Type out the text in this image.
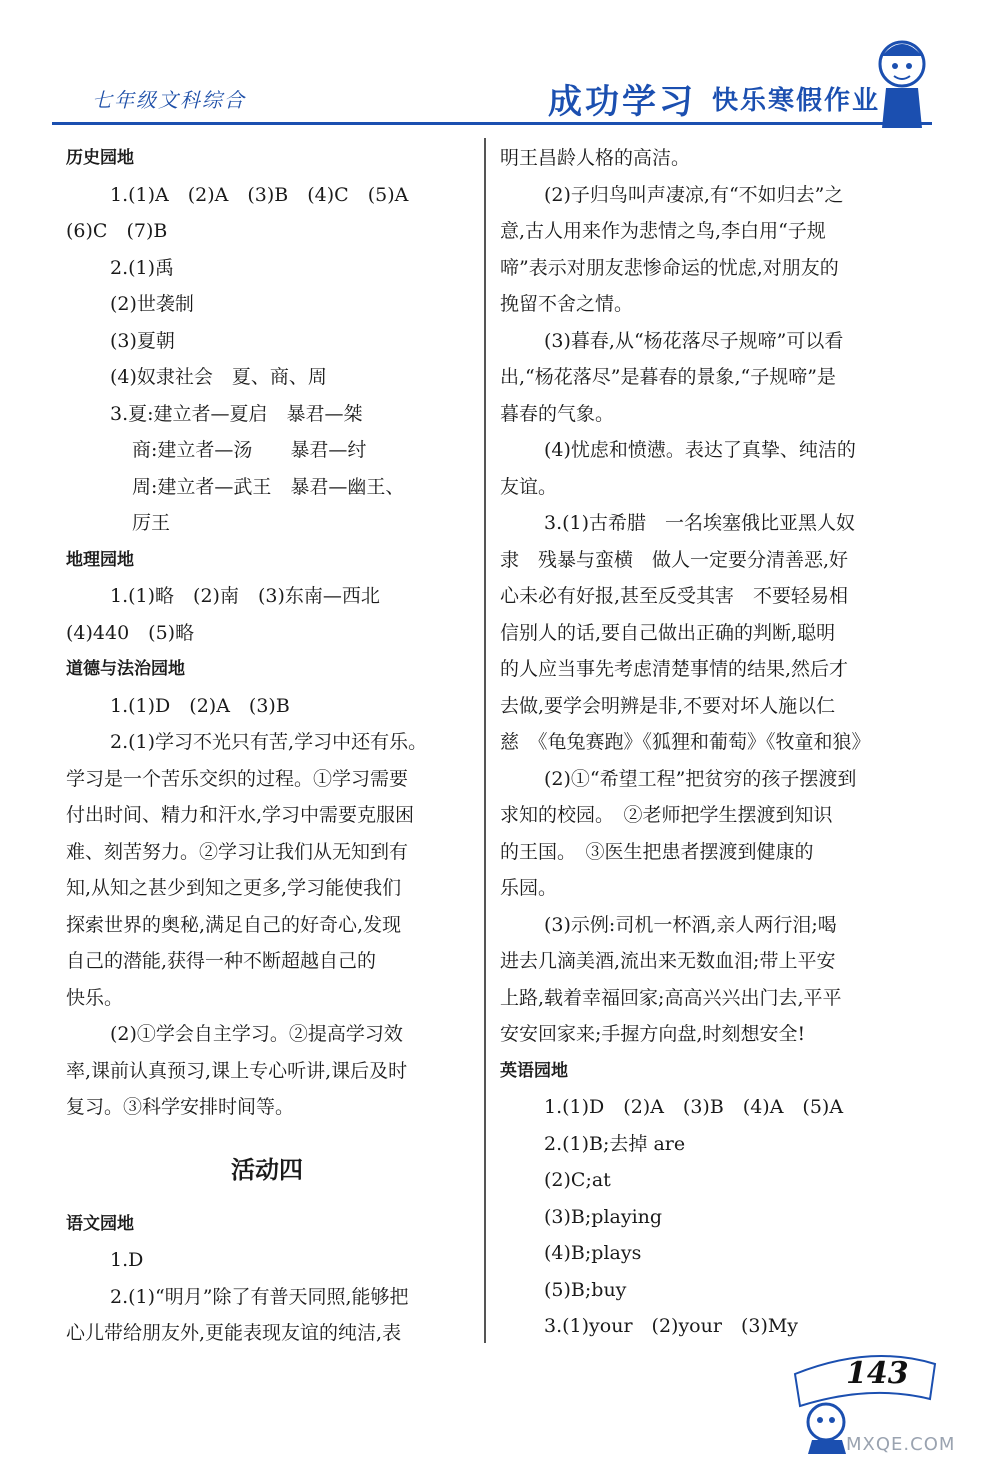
七年级文科综合	成功学习 快乐寒假作业
历史园地
1.(1)A　(2)A　(3)B　(4)C　(5)A
(6)C　(7)B
2.(1)禹
(2)世袭制
(3)夏朝
(4)奴隶社会　夏、商、周
3.夏:建立者—夏启　暴君—桀
商:建立者—汤　　暴君—纣
周:建立者—武王　暴君—幽王、
厉王
地理园地
1.(1)略　(2)南　(3)东南—西北
(4)440　(5)略
道德与法治园地
1.(1)D　(2)A　(3)B
2.(1)学习不光只有苦,学习中还有乐。
学习是一个苦乐交织的过程。①学习需要
付出时间、精力和汗水,学习中需要克服困
难、刻苦努力。②学习让我们从无知到有
知,从知之甚少到知之更多,学习能使我们
探索世界的奥秘,满足自己的好奇心,发现
自己的潜能,获得一种不断超越自己的
快乐。
(2)①学会自主学习。②提高学习效
率,课前认真预习,课上专心听讲,课后及时
复习。③科学安排时间等。
活动四
语文园地
1.D
2.(1)“明月”除了有普天同照,能够把
心儿带给朋友外,更能表现友谊的纯洁,表
明王昌龄人格的高洁。
(2)子归鸟叫声凄凉,有“不如归去”之
意,古人用来作为悲情之鸟,李白用“子规
啼”表示对朋友悲惨命运的忧虑,对朋友的
挽留不舍之情。
(3)暮春,从“杨花落尽子规啼”可以看
出,“杨花落尽”是暮春的景象,“子规啼”是
暮春的气象。
(4)忧虑和愤懑。表达了真挚、纯洁的
友谊。
3.(1)古希腊　一名埃塞俄比亚黑人奴
隶　残暴与蛮横　做人一定要分清善恶,好
心未必有好报,甚至反受其害　不要轻易相
信别人的话,要自己做出正确的判断,聪明
的人应当事先考虑清楚事情的结果,然后才
去做,要学会明辨是非,不要对坏人施以仁
慈　《龟兔赛跑》《狐狸和葡萄》《牧童和狼》
(2)①“希望工程”把贫穷的孩子摆渡到
求知的校园。　②老师把学生摆渡到知识
的王国。　③医生把患者摆渡到健康的
乐园。
(3)示例:司机一杯酒,亲人两行泪;喝
进去几滴美酒,流出来无数血泪;带上平安
上路,载着幸福回家;高高兴兴出门去,平平
安安回家来;手握方向盘,时刻想安全!
英语园地
1.(1)D　(2)A　(3)B　(4)A　(5)A
2.(1)B;去掉 are
(2)C;at
(3)B;playing
(4)B;plays
(5)B;buy
3.(1)your　(2)your　(3)My
143
MXQE.COM
